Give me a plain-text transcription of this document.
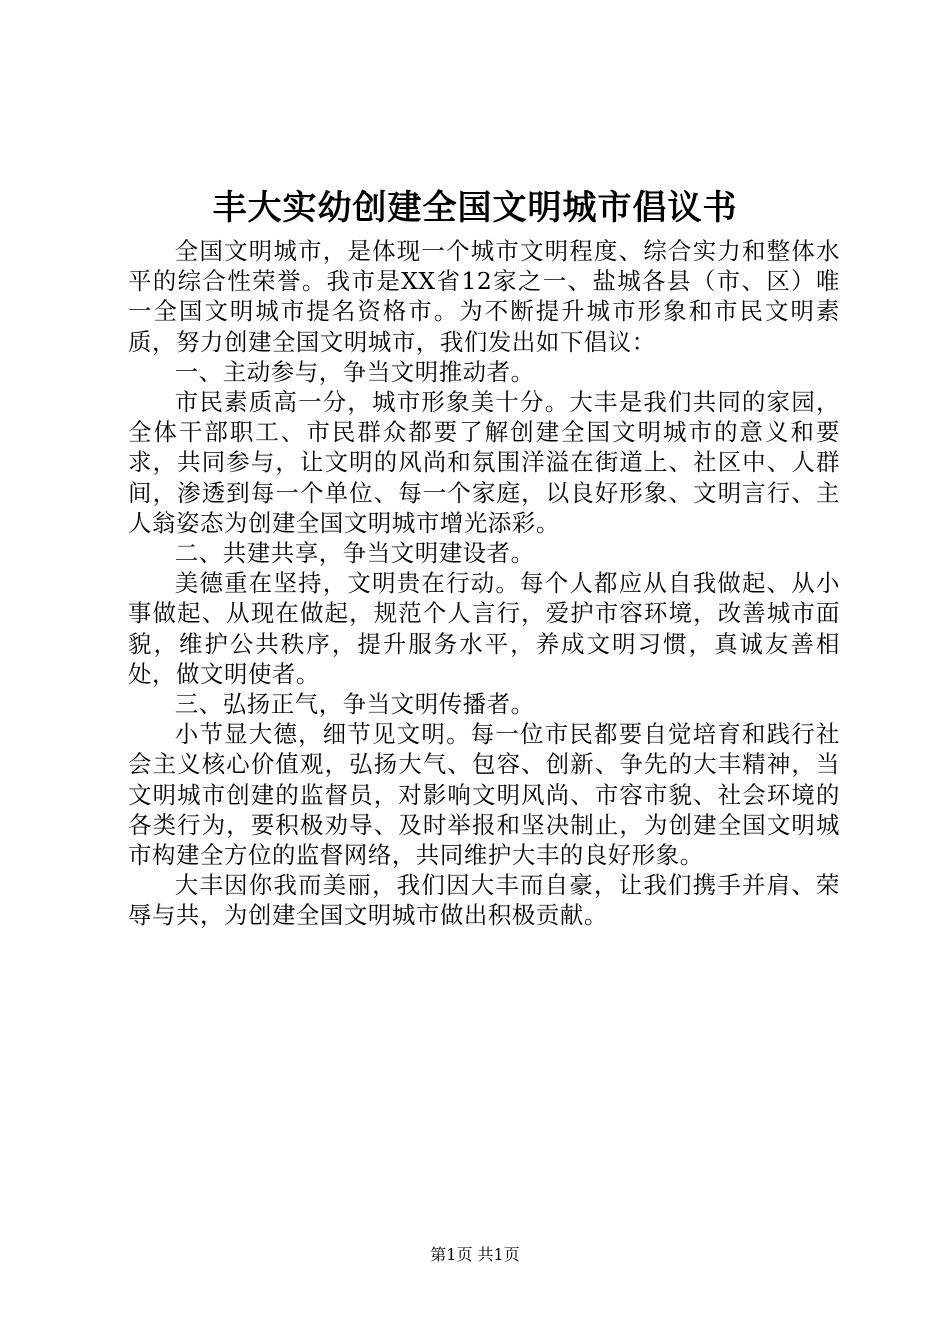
丰大实幼创建全国文明城市倡议书

全国文明城市，是体现一个城市文明程度、综合实力和整体水平的综合性荣誉。我市是XX省12家之一、盐城各县（市、区）唯一全国文明城市提名资格市。为不断提升城市形象和市民文明素质，努力创建全国文明城市，我们发出如下倡议：

一、主动参与，争当文明推动者。

市民素质高一分，城市形象美十分。大丰是我们共同的家园，全体干部职工、市民群众都要了解创建全国文明城市的意义和要求，共同参与，让文明的风尚和氛围洋溢在街道上、社区中、人群间，渗透到每一个单位、每一个家庭，以良好形象、文明言行、主人翁姿态为创建全国文明城市增光添彩。

二、共建共享，争当文明建设者。

美德重在坚持，文明贵在行动。每个人都应从自我做起、从小事做起、从现在做起，规范个人言行，爱护市容环境，改善城市面貌，维护公共秩序，提升服务水平，养成文明习惯，真诚友善相处，做文明使者。

三、弘扬正气，争当文明传播者。

小节显大德，细节见文明。每一位市民都要自觉培育和践行社会主义核心价值观，弘扬大气、包容、创新、争先的大丰精神，当文明城市创建的监督员，对影响文明风尚、市容市貌、社会环境的各类行为，要积极劝导、及时举报和坚决制止，为创建全国文明城市构建全方位的监督网络，共同维护大丰的良好形象。

大丰因你我而美丽，我们因大丰而自豪，让我们携手并肩、荣辱与共，为创建全国文明城市做出积极贡献。

第1页 共1页
